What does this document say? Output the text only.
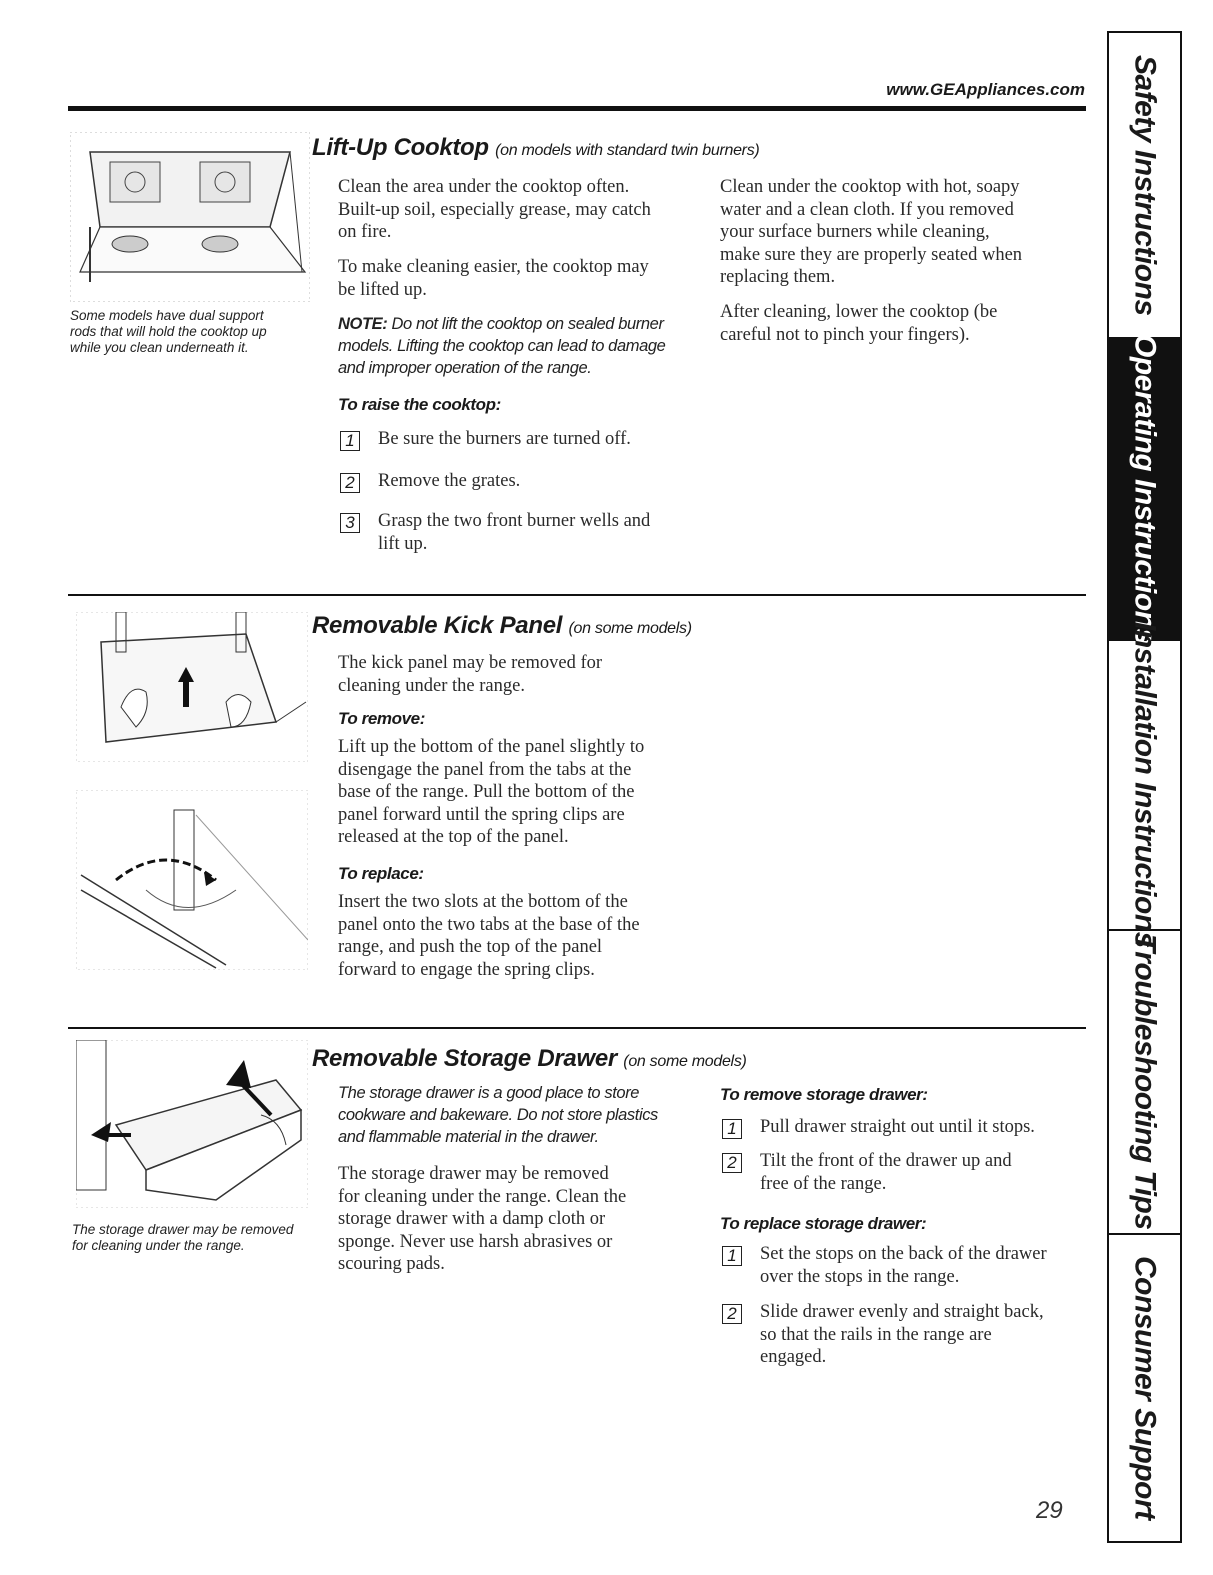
www.GEAppliances.com
Some models have dual support
rods that will hold the cooktop up
while you clean underneath it.
Lift-Up Cooktop (on models with standard twin burners)
Clean the area under the cooktop often.
Built-up soil, especially grease, may catch
on fire.
To make cleaning easier, the cooktop may
be lifted up.
NOTE: Do not lift the cooktop on sealed burner
models. Lifting the cooktop can lead to damage
and improper operation of the range.
To raise the cooktop:
1 Be sure the burners are turned off.
2 Remove the grates.
3 Grasp the two front burner wells and
lift up.
Clean under the cooktop with hot, soapy
water and a clean cloth. If you removed
your surface burners while cleaning,
make sure they are properly seated when
replacing them.
After cleaning, lower the cooktop (be
careful not to pinch your fingers).
Removable Kick Panel (on some models)
The kick panel may be removed for
cleaning under the range.
To remove:
Lift up the bottom of the panel slightly to
disengage the panel from the tabs at the
base of the range. Pull the bottom of the
panel forward until the spring clips are
released at the top of the panel.
To replace:
Insert the two slots at the bottom of the
panel onto the two tabs at the base of the
range, and push the top of the panel
forward to engage the spring clips.
The storage drawer may be removed
for cleaning under the range.
Removable Storage Drawer (on some models)
The storage drawer is a good place to store
cookware and bakeware. Do not store plastics
and flammable material in the drawer.
The storage drawer may be removed
for cleaning under the range. Clean the
storage drawer with a damp cloth or
sponge. Never use harsh abrasives or
scouring pads.
To remove storage drawer:
1 Pull drawer straight out until it stops.
2 Tilt the front of the drawer up and
free of the range.
To replace storage drawer:
1 Set the stops on the back of the drawer
over the stops in the range.
2 Slide drawer evenly and straight back,
so that the rails in the range are
engaged.
Safety Instructions
Operating Instructions
Installation Instructions
Troubleshooting Tips
Consumer Support
29
